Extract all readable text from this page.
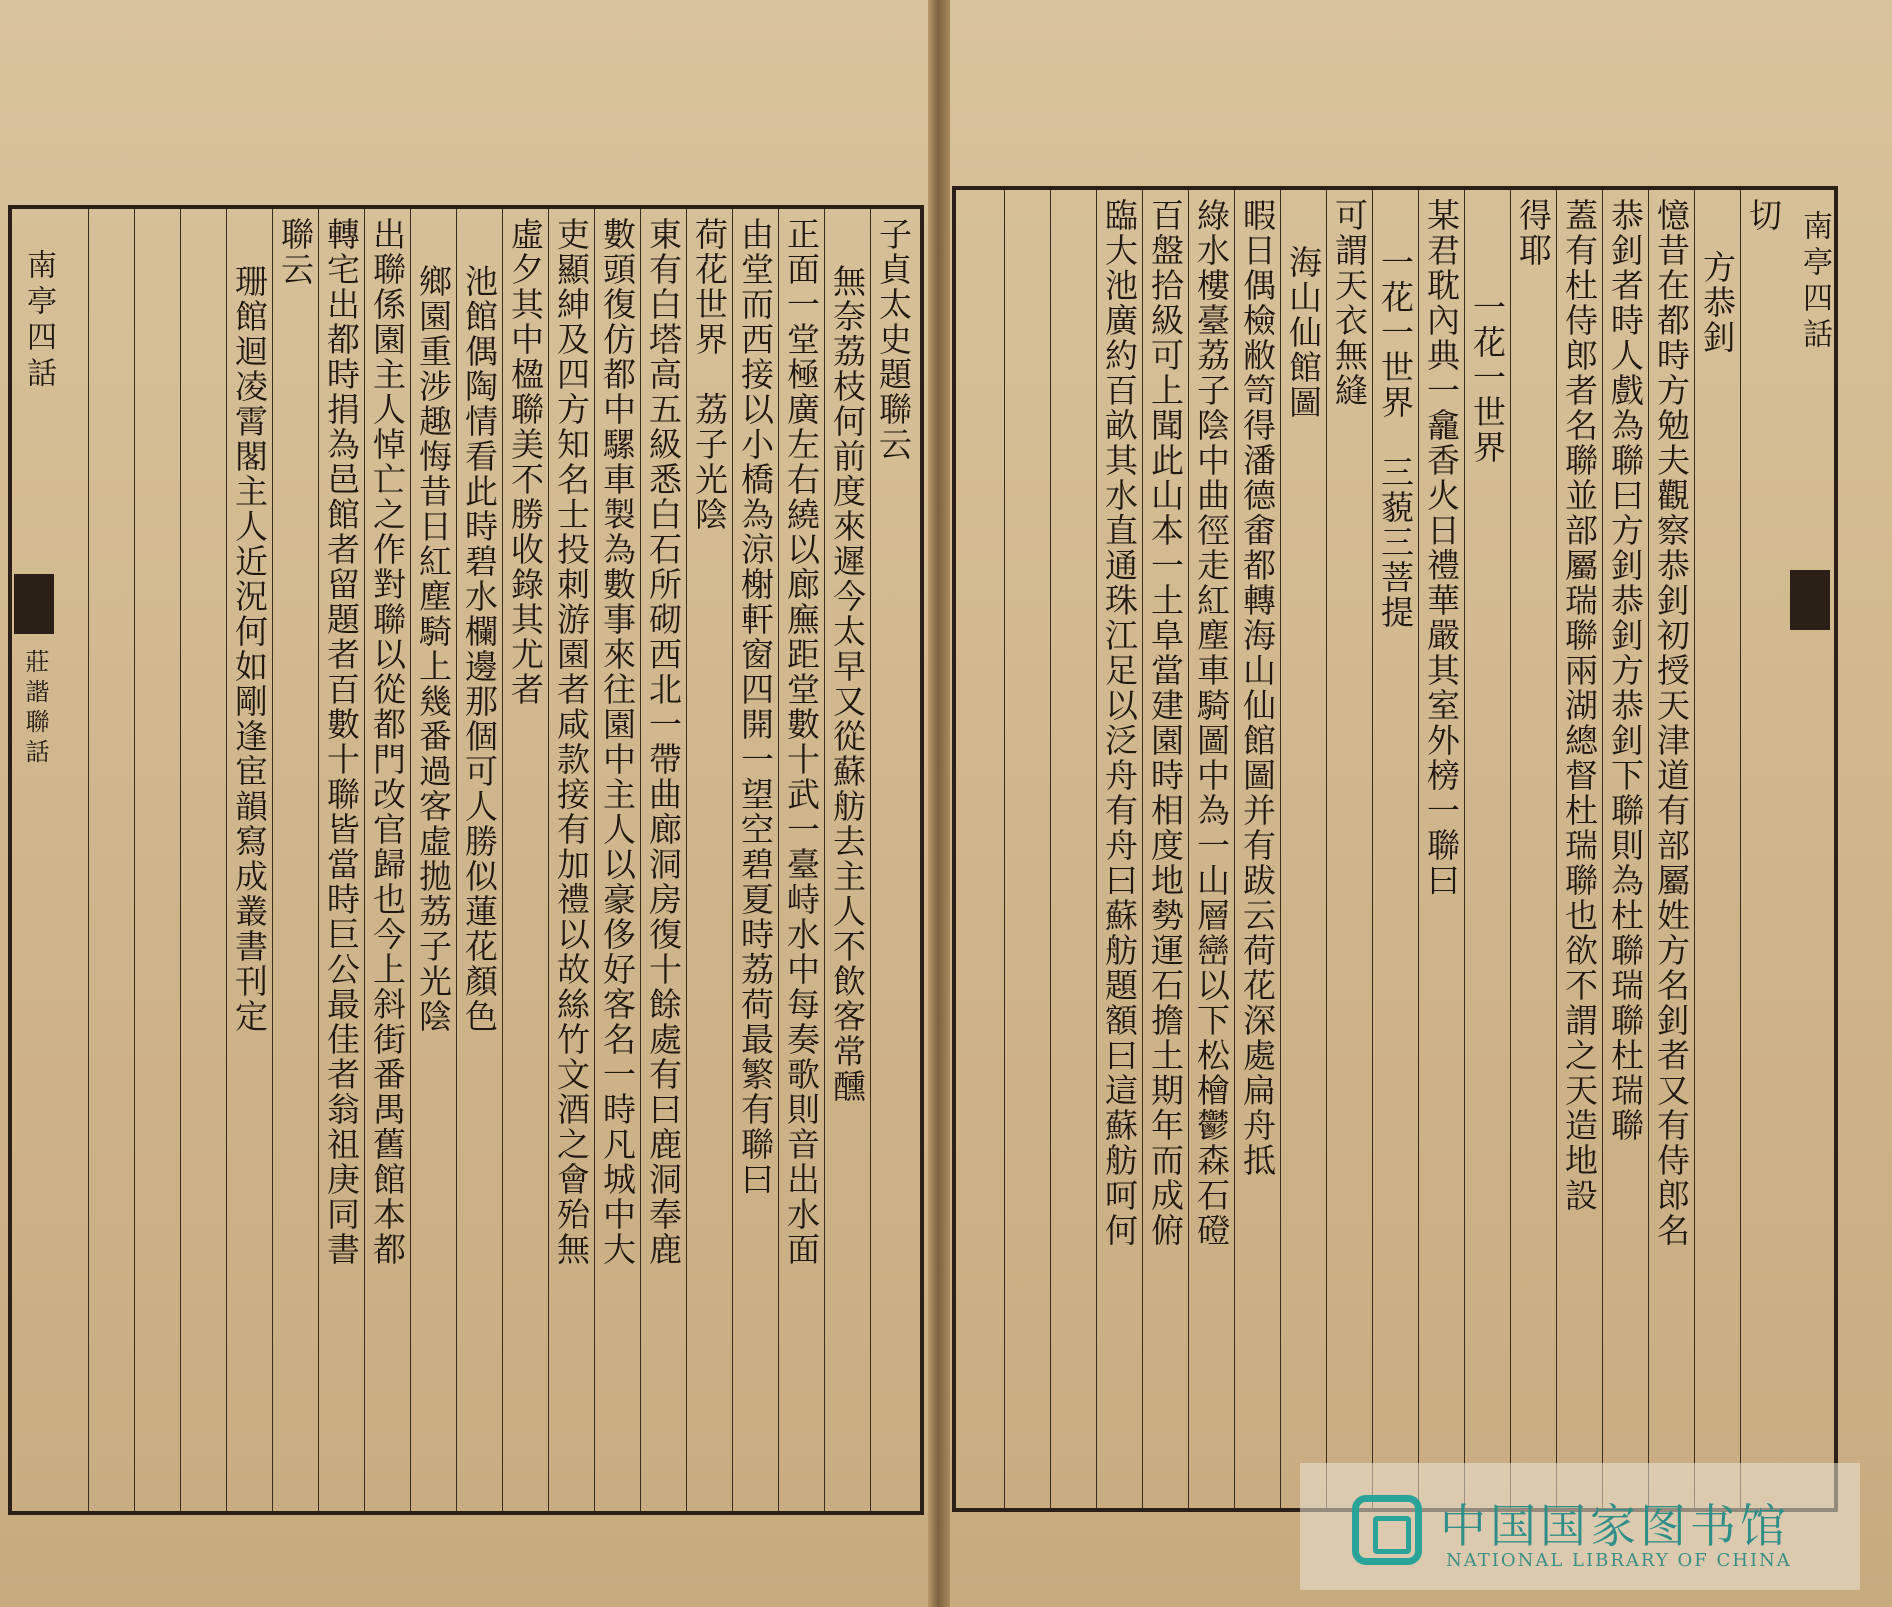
南亭四話
莊諧聯話
子貞太史題聯云
無奈荔枝何前度來遲今太早又從蘇舫去主人不飲客常醺
正面一堂極廣左右繞以廊廡距堂數十武一臺峙水中每奏歌則音出水面
由堂而西接以小橋為涼榭軒窗四開一望空碧夏時荔荷最繁有聯曰
荷花世界　荔子光陰
東有白塔高五級悉白石所砌西北一帶曲廊洞房復十餘處有曰鹿洞奉鹿
數頭復仿都中騾車製為數事來往園中主人以豪侈好客名一時凡城中大
吏顯紳及四方知名士投刺游園者咸款接有加禮以故絲竹文酒之會殆無
虛夕其中楹聯美不勝收錄其尤者
池館偶陶情看此時碧水欄邊那個可人勝似蓮花顏色
鄉園重涉趣悔昔日紅塵騎上幾番過客虛拋荔子光陰
出聯係園主人悼亡之作對聯以從都門改官歸也今上斜街番禺舊館本都
轉宅出都時捐為邑館者留題者百數十聯皆當時巨公最佳者翁祖庚同書
聯云
珊館迴凌霄閣主人近況何如剛逢宦韻寫成叢書刊定	南亭四話
切
方恭釗
憶昔在都時方勉夫觀察恭釗初授天津道有部屬姓方名釗者又有侍郎名
恭釗者時人戲為聯曰方釗恭釗方恭釗下聯則為杜聯瑞聯杜瑞聯
蓋有杜侍郎者名聯並部屬瑞聯兩湖總督杜瑞聯也欲不謂之天造地設
得耶
一花一世界
某君耽內典一龕香火日禮華嚴其室外榜一聯曰
一花一世界　三藐三菩提
可謂天衣無縫
海山仙館圖
暇日偶檢敝笥得潘德畬都轉海山仙館圖并有跋云荷花深處扁舟抵
綠水樓臺荔子陰中曲徑走紅塵車騎圖中為一山層巒以下松檜鬱森石磴
百盤拾級可上聞此山本一土阜當建園時相度地勢運石擔土期年而成俯
臨大池廣約百畝其水直通珠江足以泛舟有舟曰蘇舫題額曰這蘇舫呵何
中国国家图书馆
NATIONAL LIBRARY OF CHINA
